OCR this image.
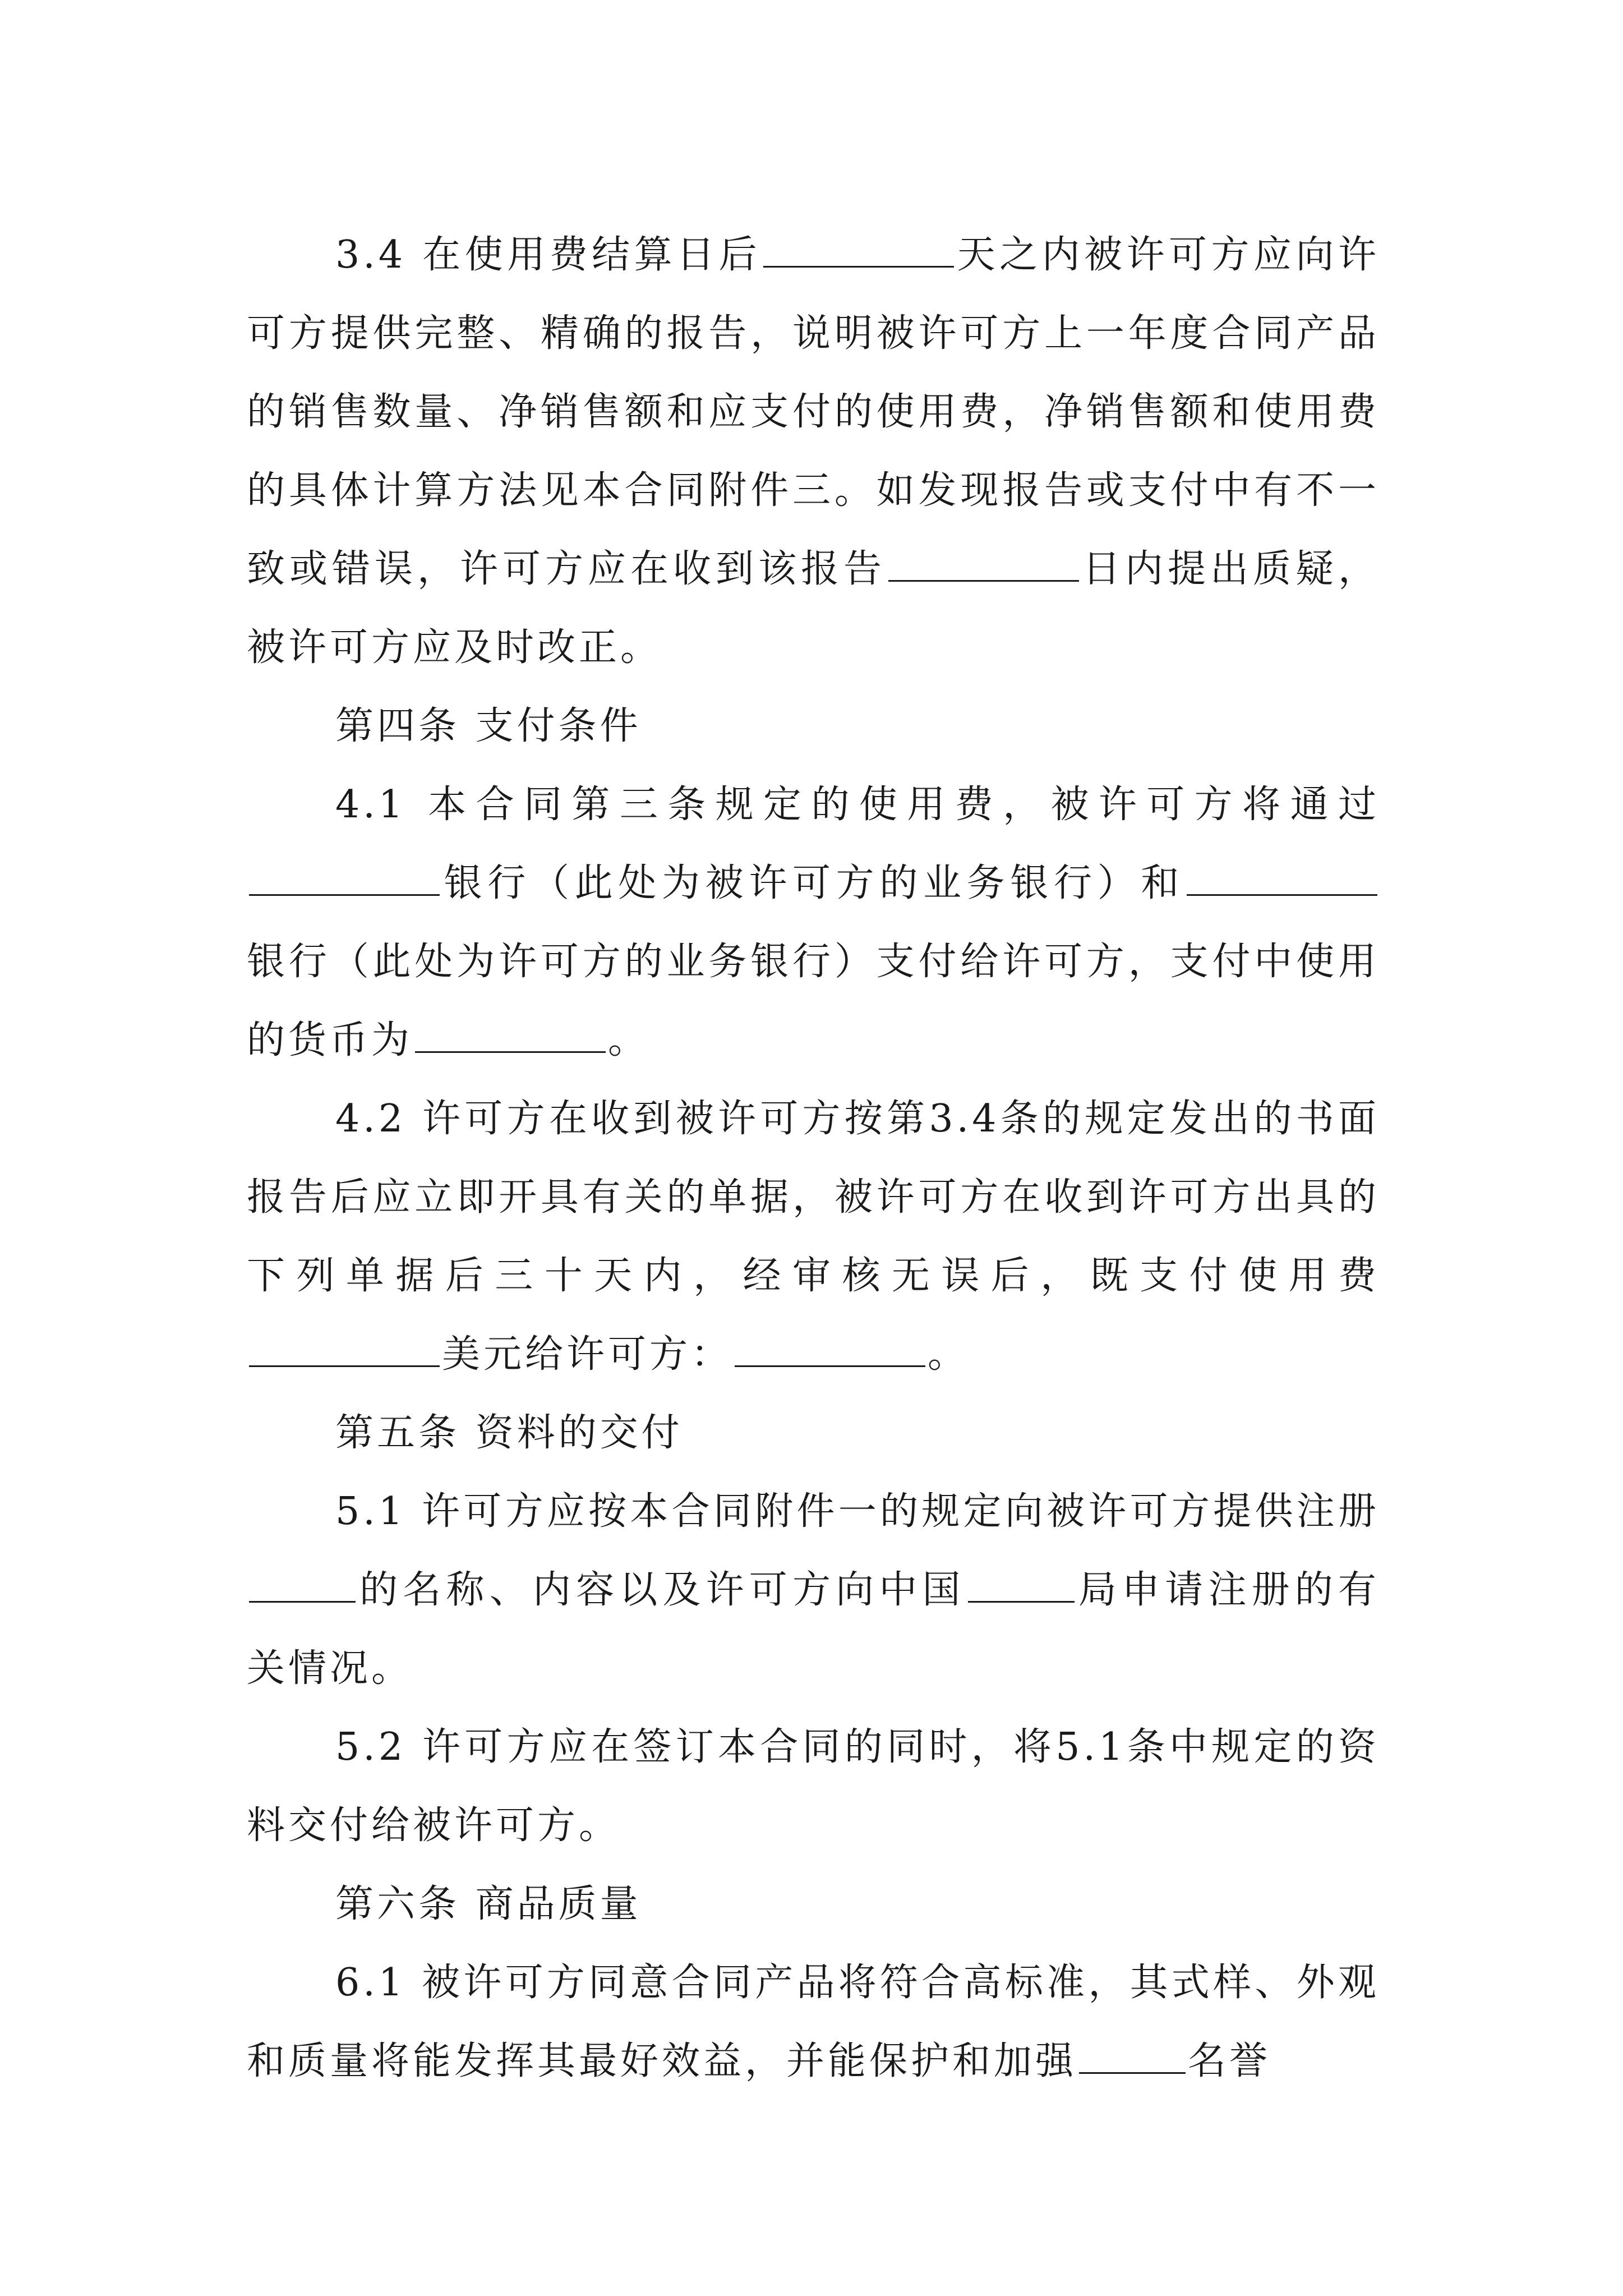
3.4 在使用费结算日后	天之内被许可方应向许可方提供完整、精确的报告，说明被许可方上一年度合同产品的销售数量、净销售额和应支付的使用费，净销售额和使用费的具体计算方法见本合同附件三。如发现报告或支付中有不一致或错误，许可方应在收到该报告	日内提出质疑，被许可方应及时改正。

第四条 支付条件

4.1 本合同第三条规定的使用费，被许可方将通过银行（此处为被许可方的业务银行）和银行（此处为许可方的业务银行）支付给许可方，支付中使用的货币为	。

4.2 许可方在收到被许可方按第3.4条的规定发出的书面报告后应立即开具有关的单据，被许可方在收到许可方出具的下列单据后三十天内，经审核无误后，既支付使用费美元给许可方：	。

第五条 资料的交付

5.1 许可方应按本合同附件一的规定向被许可方提供注册的名称、内容以及许可方向中国	局申请注册的有关情况。

5.2 许可方应在签订本合同的同时，将5.1条中规定的资料交付给被许可方。

第六条 商品质量

6.1 被许可方同意合同产品将符合高标准，其式样、外观和质量将能发挥其最好效益，并能保护和加强	名誉
